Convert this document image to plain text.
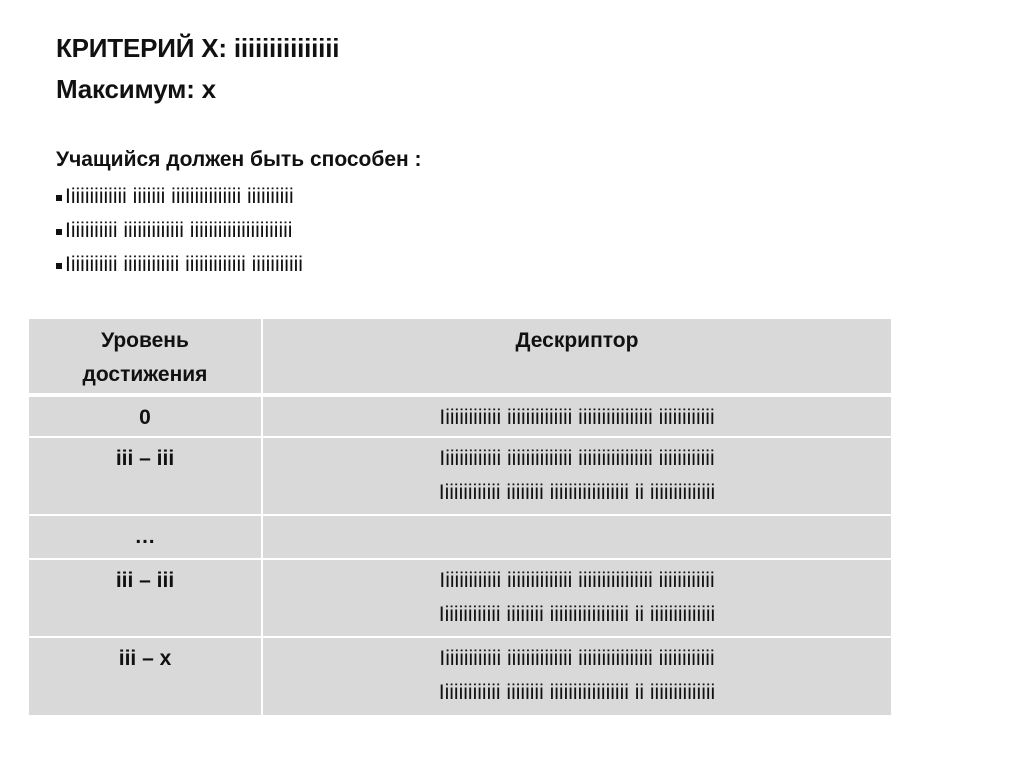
КРИТЕРИЙ X: iiiiiiiiiiiiiii
Максимум: x
Учащийся должен быть способен :
Iiiiiiiiiiiii iiiiiii iiiiiiiiiiiiiii iiiiiiiiii
Iiiiiiiiiii iiiiiiiiiiiii iiiiiiiiiiiiiiiiiiiiii
Iiiiiiiiiii iiiiiiiiiiii iiiiiiiiiiiii iiiiiiiiiii
Уровень
достижения	Дескриптор
0	Iiiiiiiiiiiii iiiiiiiiiiiiii iiiiiiiiiiiiiiii iiiiiiiiiiii

iii – iii	Iiiiiiiiiiiii iiiiiiiiiiiiii iiiiiiiiiiiiiiii iiiiiiiiiiii
Iiiiiiiiiiiii iiiiiiii iiiiiiiiiiiiiiiii ii iiiiiiiiiiiiii

…	
iii – iii	Iiiiiiiiiiiii iiiiiiiiiiiiii iiiiiiiiiiiiiiii iiiiiiiiiiii
Iiiiiiiiiiiii iiiiiiii iiiiiiiiiiiiiiiii ii iiiiiiiiiiiiii

iii – x	Iiiiiiiiiiiii iiiiiiiiiiiiii iiiiiiiiiiiiiiii iiiiiiiiiiii
Iiiiiiiiiiiii iiiiiiii iiiiiiiiiiiiiiiii ii iiiiiiiiiiiiii
